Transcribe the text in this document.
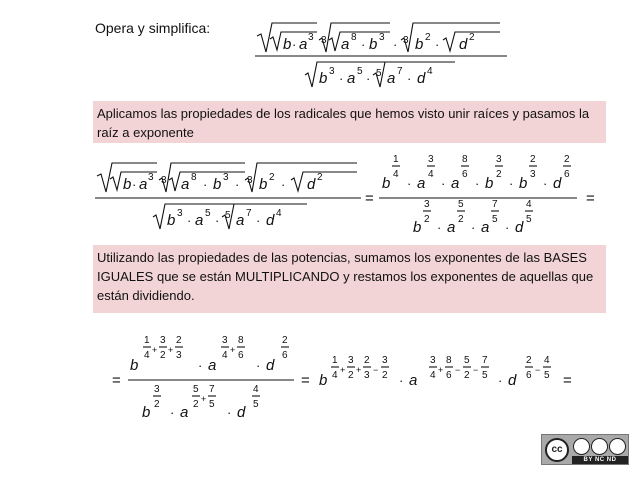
Opera y simplifica:
b · a 3 3 a 8 · b 3 · 3 b 2 · d 2
b 3 · a 5 · 5 a 7 · d 4
Aplicamos las propiedades de los radicales que hemos visto unir raíces y pasamos la raíz a exponente
b · a 3 3 a 8 · b 3 · 3 b 2 · d 2
b 3 · a 5 · 5 a 7 · d 4
=
b
1
4
· a
3
4
· a
8
6
· b
3
2
· b
2
3
· d
2
6
b
3
2
· a
5
2
· a
7
5
· d
4
5
=
Utilizando las propiedades de las potencias, sumamos los exponentes de las BASES IGUALES que se están MULTIPLICANDO y restamos los exponentes de aquellas que están dividiendo.
=
b
1
4 +
3
2 +
2
3
· a
3
4 +
8
6
· d
2
6
b
3
2
· a
5
2 +
7
5
· d
4
5
= b
1
4 +
3
2 +
2
3 −
3
2 · a
3
4 +
8
6 −
5
2 −
7
5 · d
2
6 −
4
5 =
cc
BY NC ND
